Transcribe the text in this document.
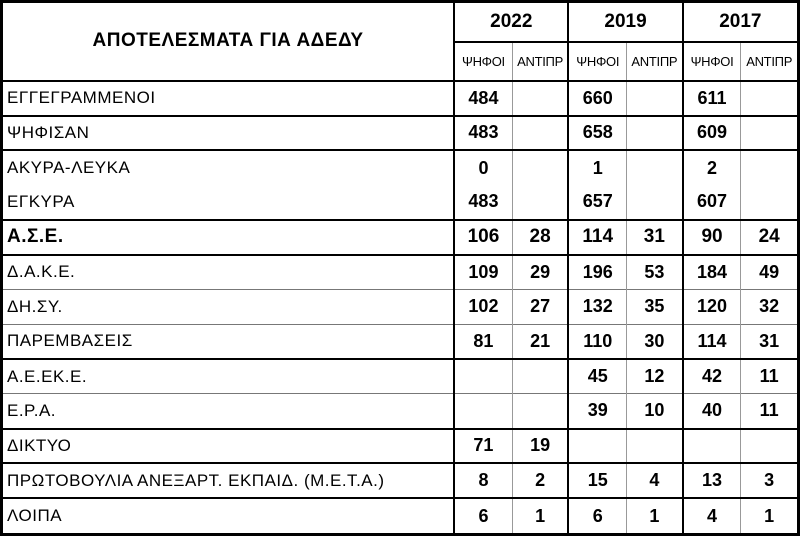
ΑΠΟΤΕΛΕΣΜΑΤΑ ΓΙΑ ΑΔΕΔΥ	2022		2019		2017	
	ΨΗΦΟΙ	ΑΝΤΙΠΡ	ΨΗΦΟΙ	ΑΝΤΙΠΡ	ΨΗΦΟΙ	ΑΝΤΙΠΡ
ΕΓΓΕΓΡΑΜΜΕΝΟΙ	484		660		611	
ΨΗΦΙΣΑΝ	483		658		609	
ΑΚΥΡΑ-ΛΕΥΚΑ	0		1		2	
ΕΓΚΥΡΑ	483		657		607	
Α.Σ.Ε.	106	28	114	31	90	24
Δ.Α.Κ.Ε.	109	29	196	53	184	49
ΔΗ.ΣΥ.	102	27	132	35	120	32
ΠΑΡΕΜΒΑΣΕΙΣ	81	21	110	30	114	31
Α.Ε.ΕΚ.Ε.			45	12	42	11
Ε.Ρ.Α.			39	10	40	11
ΔΙΚΤΥΟ	71	19				
ΠΡΩΤΟΒΟΥΛΙΑ ΑΝΕΞΑΡΤ. ΕΚΠΑΙΔ. (Μ.Ε.Τ.Α.)	8	2	15	4	13	3
ΛΟΙΠΑ	6	1	6	1	4	1
